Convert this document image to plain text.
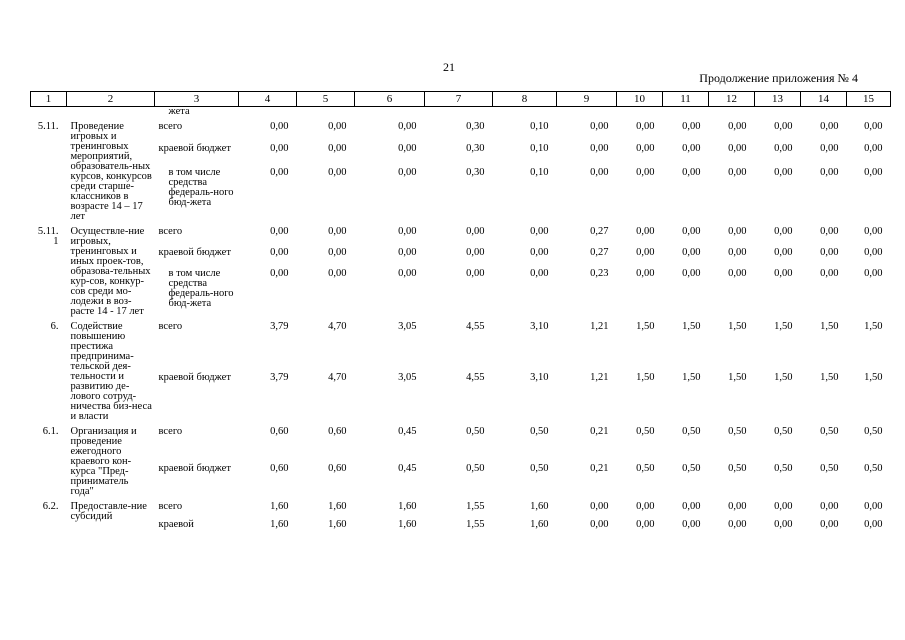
21
Продолжение приложения № 4
1	2	3	4	5	6	7	8	9	10	11	12	13	14	15
		жета												
5.11.	Проведение игровых и тренинговых мероприятий, образователь-ных курсов, конкурсов среди старше-классников в возрасте 14 – 17 лет	всего	0,00	0,00	0,00	0,30	0,10	0,00	0,00	0,00	0,00	0,00	0,00	0,00
		краевой бюджет	0,00	0,00	0,00	0,30	0,10	0,00	0,00	0,00	0,00	0,00	0,00	0,00
		в том числе средства федераль-ного бюд-жета	0,00	0,00	0,00	0,30	0,10	0,00	0,00	0,00	0,00	0,00	0,00	0,00
5.11. 1	Осуществле-ние игровых, тренинговых и иных проек-тов, образова-тельных кур-сов, конкур-сов среди мо-лодежи в воз-расте 14 - 17 лет	всего	0,00	0,00	0,00	0,00	0,00	0,27	0,00	0,00	0,00	0,00	0,00	0,00
		краевой бюджет	0,00	0,00	0,00	0,00	0,00	0,27	0,00	0,00	0,00	0,00	0,00	0,00
		в том числе средства федераль-ного бюд-жета	0,00	0,00	0,00	0,00	0,00	0,23	0,00	0,00	0,00	0,00	0,00	0,00
6.	Содействие повышению престижа предпринима-тельской дея-тельности и развитию де-лового сотруд-ничества биз-неса и власти	всего	3,79	4,70	3,05	4,55	3,10	1,21	1,50	1,50	1,50	1,50	1,50	1,50
		краевой бюджет	3,79	4,70	3,05	4,55	3,10	1,21	1,50	1,50	1,50	1,50	1,50	1,50
6.1.	Организация и проведение ежегодного краевого кон-курса "Пред-приниматель года"	всего	0,60	0,60	0,45	0,50	0,50	0,21	0,50	0,50	0,50	0,50	0,50	0,50
		краевой бюджет	0,60	0,60	0,45	0,50	0,50	0,21	0,50	0,50	0,50	0,50	0,50	0,50
6.2.	Предоставле-ние субсидий	всего	1,60	1,60	1,60	1,55	1,60	0,00	0,00	0,00	0,00	0,00	0,00	0,00
		краевой	1,60	1,60	1,60	1,55	1,60	0,00	0,00	0,00	0,00	0,00	0,00	0,00
